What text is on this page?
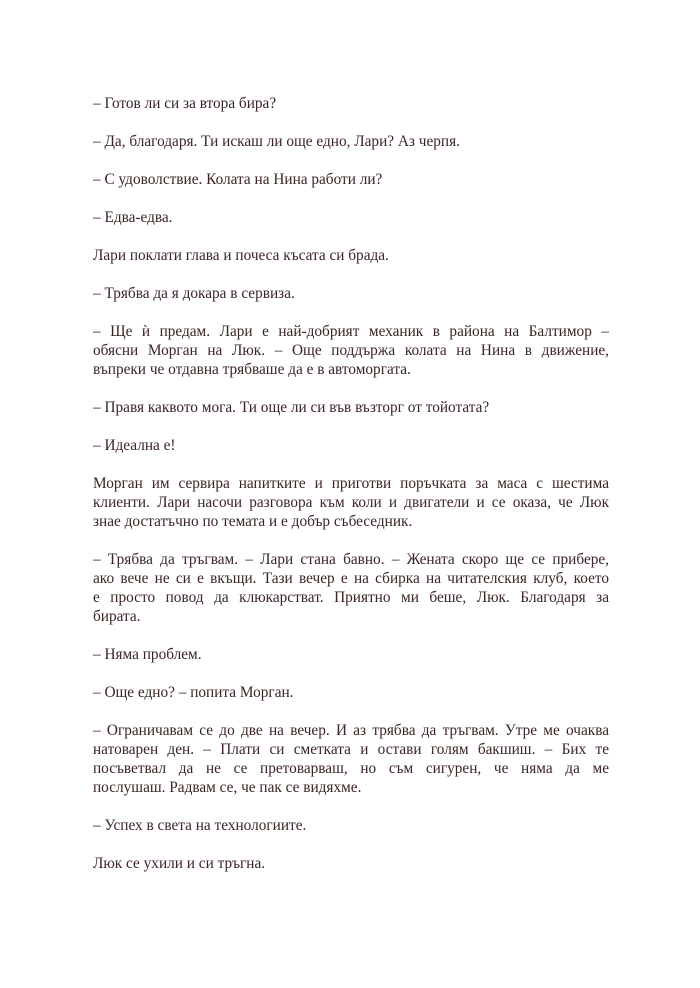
– Готов ли си за втора бира?
– Да, благодаря. Ти искаш ли още едно, Лари? Аз черпя.
– С удоволствие. Колата на Нина работи ли?
– Едва-едва.
Лари поклати глава и почеса късата си брада.
– Трябва да я докара в сервиза.
– Ще ѝ предам. Лари е най-добрият механик в района на Балтимор –
обясни Морган на Люк. – Още поддържа колата на Нина в движение,
въпреки че отдавна трябваше да е в автоморгата.
– Правя каквото мога. Ти още ли си във възторг от тойотата?
– Идеална е!
Морган им сервира напитките и приготви поръчката за маса с шестима
клиенти. Лари насочи разговора към коли и двигатели и се оказа, че Люк
знае достатъчно по темата и е добър събеседник.
– Трябва да тръгвам. – Лари стана бавно. – Жената скоро ще се прибере,
ако вече не си е вкъщи. Тази вечер е на сбирка на читателския клуб, което
е просто повод да клюкарстват. Приятно ми беше, Люк. Благодаря за
бирата.
– Няма проблем.
– Още едно? – попита Морган.
– Ограничавам се до две на вечер. И аз трябва да тръгвам. Утре ме очаква
натоварен ден. – Плати си сметката и остави голям бакшиш. – Бих те
посъветвал да не се претоварваш, но съм сигурен, че няма да ме
послушаш. Радвам се, че пак се видяхме.
– Успех в света на технологиите.
Люк се ухили и си тръгна.
